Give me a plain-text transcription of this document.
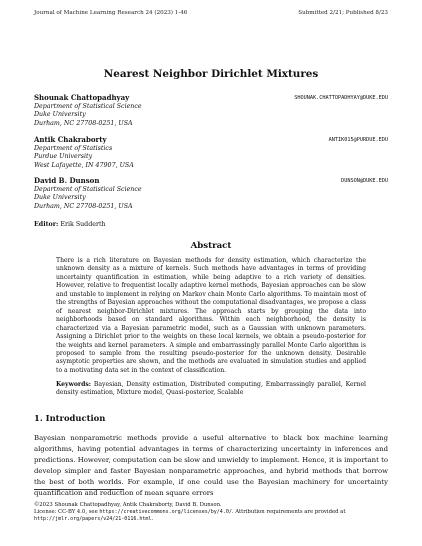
Journal of Machine Learning Research 24 (2023) 1-46	Submitted 2/21; Published 8/23
Nearest Neighbor Dirichlet Mixtures
Shounak Chattopadhyay	SHOUNAK.CHATTOPADHYAY@DUKE.EDU
Department of Statistical Science
Duke University
Durham, NC 27708-0251, USA
Antik Chakraborty	ANTIK015@PURDUE.EDU
Department of Statistics
Purdue University
West Lafayette, IN 47907, USA
David B. Dunson	DUNSON@DUKE.EDU
Department of Statistical Science
Duke University
Durham, NC 27708-0251, USA
Editor: Erik Sudderth
Abstract
There is a rich literature on Bayesian methods for density estimation, which characterize the unknown density as a mixture of kernels. Such methods have advantages in terms of providing uncertainty quantification in estimation, while being adaptive to a rich variety of densities. However, relative to frequentist locally adaptive kernel methods, Bayesian approaches can be slow and unstable to implement in relying on Markov chain Monte Carlo algorithms. To maintain most of the strengths of Bayesian approaches without the computational disadvantages, we propose a class of nearest neighbor-Dirichlet mixtures. The approach starts by grouping the data into neighborhoods based on standard algorithms. Within each neighborhood, the density is characterized via a Bayesian parametric model, such as a Gaussian with unknown parameters. Assigning a Dirichlet prior to the weights on these local kernels, we obtain a pseudo-posterior for the weights and kernel parameters. A simple and embarrassingly parallel Monte Carlo algorithm is proposed to sample from the resulting pseudo-posterior for the unknown density. Desirable asymptotic properties are shown, and the methods are evaluated in simulation studies and applied to a motivating data set in the context of classification.
Keywords: Bayesian, Density estimation, Distributed computing, Embarrassingly parallel, Kernel density estimation, Mixture model, Quasi-posterior, Scalable
1. Introduction
Bayesian nonparametric methods provide a useful alternative to black box machine learning algorithms, having potential advantages in terms of characterizing uncertainty in inferences and predictions. However, computation can be slow and unwieldy to implement. Hence, it is important to develop simpler and faster Bayesian nonparametric approaches, and hybrid methods that borrow the best of both worlds. For example, if one could use the Bayesian machinery for uncertainty quantification and reduction of mean square errors
©2023 Shounak Chattopadhyay, Antik Chakraborty, David B. Dunson.
License: CC-BY 4.0, see https://creativecommons.org/licenses/by/4.0/. Attribution requirements are provided at http://jmlr.org/papers/v24/21-0116.html.
